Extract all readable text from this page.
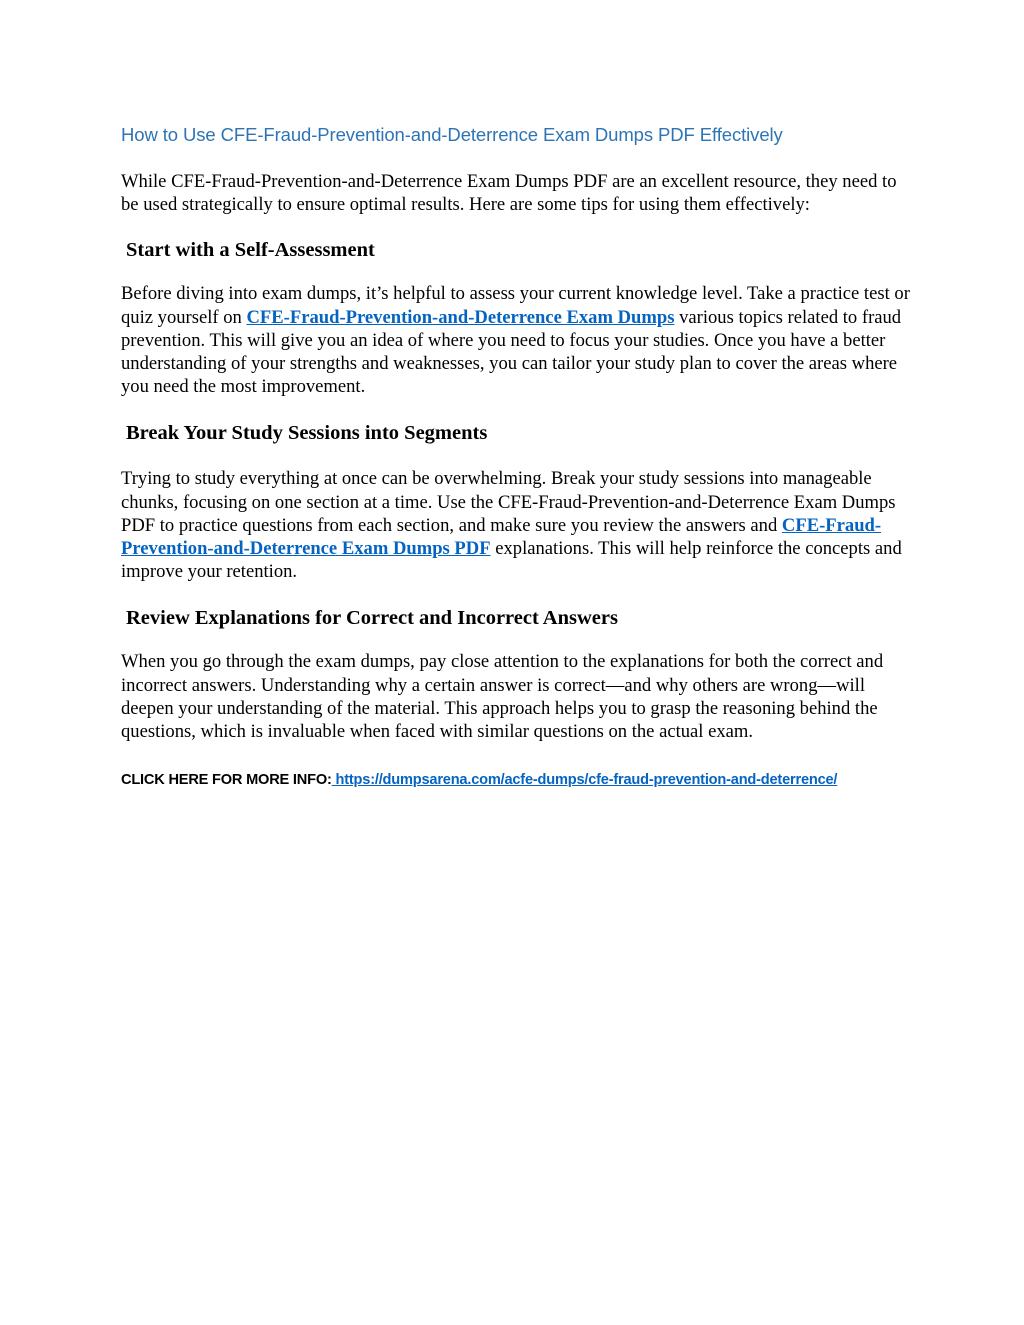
How to Use CFE-Fraud-Prevention-and-Deterrence Exam Dumps PDF Effectively

While CFE-Fraud-Prevention-and-Deterrence Exam Dumps PDF are an excellent resource, they need to be used strategically to ensure optimal results. Here are some tips for using them effectively:

Start with a Self-Assessment

Before diving into exam dumps, it’s helpful to assess your current knowledge level. Take a practice test or quiz yourself on CFE-Fraud-Prevention-and-Deterrence Exam Dumps various topics related to fraud prevention. This will give you an idea of where you need to focus your studies. Once you have a better understanding of your strengths and weaknesses, you can tailor your study plan to cover the areas where you need the most improvement.

Break Your Study Sessions into Segments

Trying to study everything at once can be overwhelming. Break your study sessions into manageable chunks, focusing on one section at a time. Use the CFE-Fraud-Prevention-and-Deterrence Exam Dumps PDF to practice questions from each section, and make sure you review the answers and CFE-Fraud-Prevention-and-Deterrence Exam Dumps PDF explanations. This will help reinforce the concepts and improve your retention.

Review Explanations for Correct and Incorrect Answers

When you go through the exam dumps, pay close attention to the explanations for both the correct and incorrect answers. Understanding why a certain answer is correct—and why others are wrong—will deepen your understanding of the material. This approach helps you to grasp the reasoning behind the questions, which is invaluable when faced with similar questions on the actual exam.

CLICK HERE FOR MORE INFO: https://dumpsarena.com/acfe-dumps/cfe-fraud-prevention-and-deterrence/
